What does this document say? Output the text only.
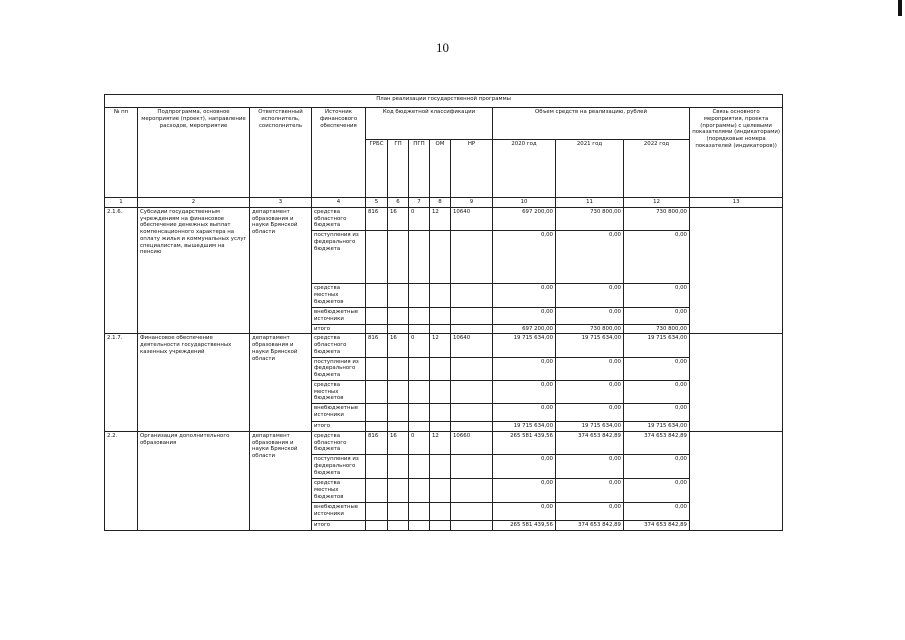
10
План реализации государственной программы												
№ пп	Подпрограмма, основное мероприятие (проект), направление расходов, мероприятие	Ответственный исполнитель, соисполнитель	Источник финансового обеспечения	Код бюджетной классификации					Объем средств на реализацию, рублей			Связь основного мероприятия, проекта (программы) с целевыми показателями (индикаторами) (порядковые номера показателей (индикаторов))
				ГРБС	ГП	ПГП	ОМ	НР	2020 год	2021 год	2022 год	
1	2	3	4	5	6	7	8	9	10	11	12	13
2.1.6.	Субсидии государственным учреждениям на финансовое обеспечение денежных выплат компенсационного характера на оплату жилья и коммунальных услуг специалистам, вышедшим на пенсию	департамент образования и науки Брянской области	средства областного бюджета	816	16	0	12	10640	697 200,00	730 800,00	730 800,00	
			поступления из федерального бюджета						0,00	0,00	0,00	
			средства местных бюджетов						0,00	0,00	0,00	
			внебюджетные источники						0,00	0,00	0,00	
			итого						697 200,00	730 800,00	730 800,00	
2.1.7.	Финансовое обеспечение деятельности государственных казенных учреждений	департамент образования и науки Брянской области	средства областного бюджета	816	16	0	12	10640	19 715 634,00	19 715 634,00	19 715 634,00	
			поступления из федерального бюджета						0,00	0,00	0,00	
			средства местных бюджетов						0,00	0,00	0,00	
			внебюджетные источники						0,00	0,00	0,00	
			итого						19 715 634,00	19 715 634,00	19 715 634,00	
2.2.	Организация дополнительного образования	департамент образования и науки Брянской области	средства областного бюджета	816	16	0	12	10660	265 581 439,56	374 653 842,89	374 653 842,89	
			поступления из федерального бюджета						0,00	0,00	0,00	
			средства местных бюджетов						0,00	0,00	0,00	
			внебюджетные источники						0,00	0,00	0,00	
			итого						265 581 439,56	374 653 842,89	374 653 842,89	
